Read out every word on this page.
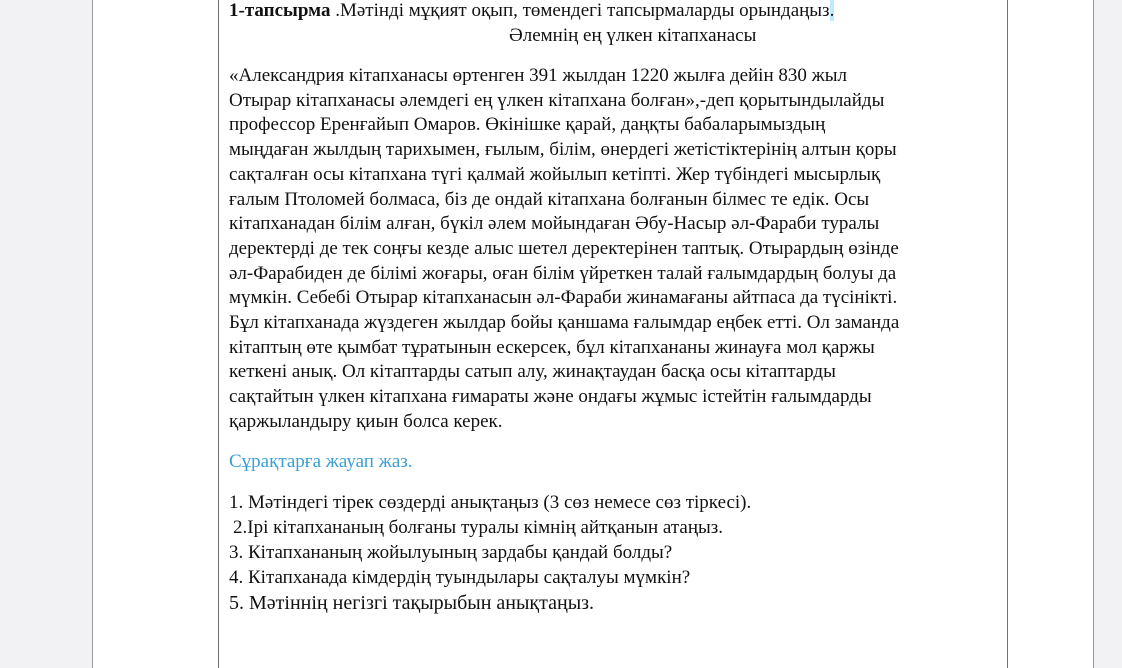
1-тапсырма .Мәтінді мұқият оқып, төмендегі тапсырмаларды орындаңыз.
Әлемнің ең үлкен кітапханасы
«Александрия кітапханасы өртенген 391 жылдан 1220 жылға дейін 830 жыл
Отырар кітапханасы әлемдегі ең үлкен кітапхана болған»,-деп қорытындылайды
профессор Еренғайып Омаров. Өкінішке қарай, даңқты бабаларымыздың
мыңдаған жылдың тарихымен, ғылым, білім, өнердегі жетістіктерінің алтын қоры
сақталған осы кітапхана түгі қалмай жойылып кетіпті. Жер түбіндегі мысырлық
ғалым Птоломей болмаса, біз де ондай кітапхана болғанын білмес те едік. Осы
кітапханадан білім алған, бүкіл әлем мойындаған Әбу-Насыр әл-Фараби туралы
деректерді де тек соңғы кезде алыс шетел деректерінен таптық. Отырардың өзінде
әл-Фарабиден де білімі жоғары, оған білім үйреткен талай ғалымдардың болуы да
мүмкін. Себебі Отырар кітапханасын әл-Фараби жинамағаны айтпаса да түсінікті.
Бұл кітапханада жүздеген жылдар бойы қаншама ғалымдар еңбек етті. Ол заманда
кітаптың өте қымбат тұратынын ескерсек, бұл кітапхананы жинауға мол қаржы
кеткені анық. Ол кітаптарды сатып алу, жинақтаудан басқа осы кітаптарды
сақтайтын үлкен кітапхана ғимараты және ондағы жұмыс істейтін ғалымдарды
қаржыландыру қиын болса керек.
Сұрақтарға жауап жаз.
1. Мәтіндегі тірек сөздерді анықтаңыз (3 сөз немесе сөз тіркесі).
2.Ірі кітапхананың болғаны туралы кімнің айтқанын атаңыз.
3. Кітапхананың жойылуының зардабы қандай болды?
4. Кітапханада кімдердің туындылары сақталуы мүмкін?
5. Мәтіннің негізгі тақырыбын анықтаңыз.
